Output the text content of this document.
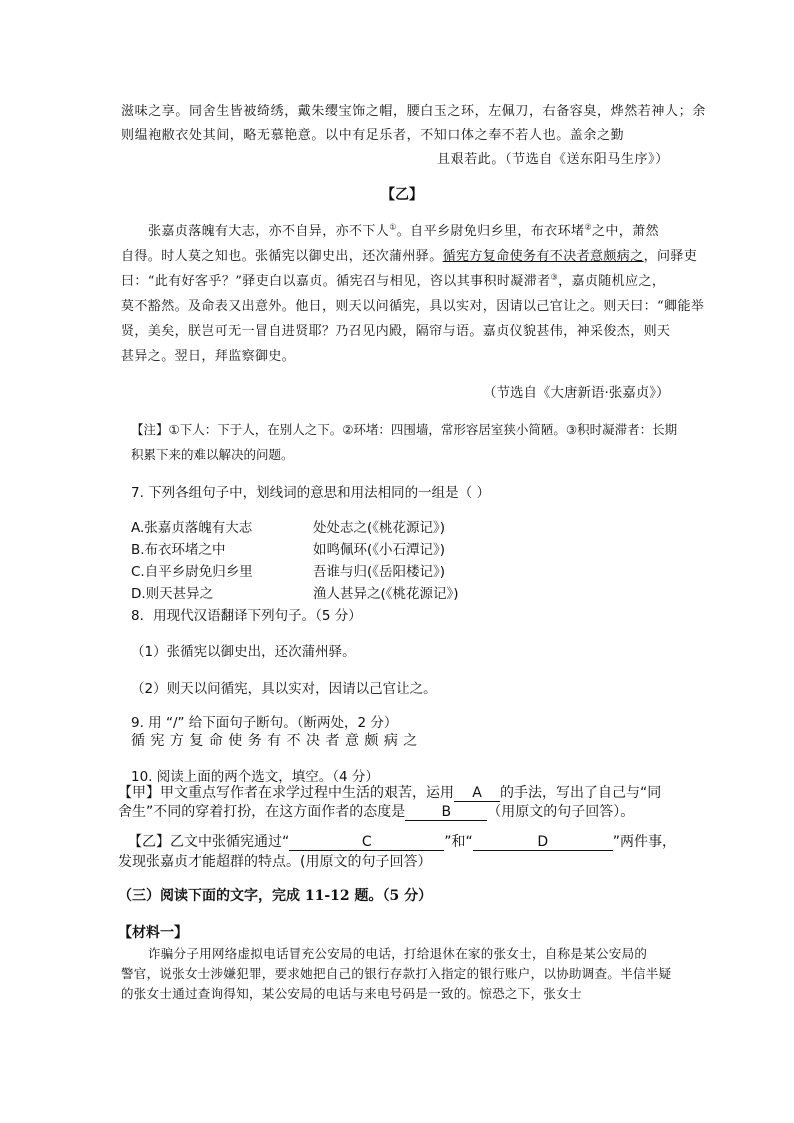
滋味之享。同舍生皆被绮绣，戴朱缨宝饰之帽，腰白玉之环，左佩刀，右备容臭，烨然若神人；余
则缊袍敝衣处其间，略无慕艳意。以中有足乐者，不知口体之奉不若人也。盖余之勤
且艰若此。（节选自《送东阳马生序》）
【乙】
张嘉贞落魄有大志，亦不自异，亦不下人①。自平乡尉免归乡里，布衣环堵②之中，萧然
自得。时人莫之知也。张循宪以御史出，还次蒲州驿。循宪方复命使务有不决者意颇病之，问驿吏
曰：“此有好客乎？”驿吏白以嘉贞。循宪召与相见，咨以其事积时凝滞者③，嘉贞随机应之，
莫不豁然。及命表又出意外。他日，则天以问循宪，具以实对，因请以己官让之。则天曰：“卿能举
贤，美矣，朕岂可无一冒自进贤耶？乃召见内殿，隔帘与语。嘉贞仪貌甚伟，神采俊杰，则天
甚异之。翌日，拜监察御史。
（节选自《大唐新语·张嘉贞》）
【注】①下人：下于人，在别人之下。②环堵：四围墙，常形容居室狭小简陋。③积时凝滞者：长期
积累下来的难以解决的问题。
7. 下列各组句子中，划线词的意思和用法相同的一组是（ ）
A.张嘉贞落魄有大志	处处志之(《桃花源记》)
B.布衣环堵之中	如鸣佩环(《小石潭记》)
C.自平乡尉免归乡里	吾谁与归(《岳阳楼记》)
D.则天甚异之	渔人甚异之(《桃花源记》)
8．用现代汉语翻译下列句子。（5 分）
（1）张循宪以御史出，还次蒲州驿。
（2）则天以问循宪，具以实对，因请以己官让之。
9. 用 “/” 给下面句子断句。（断两处，2 分）
循 宪 方 复 命 使 务 有 不 决 者 意 颇 病 之
10. 阅读上面的两个选文，填空。（4 分）
【甲】甲文重点写作者在求学过程中生活的艰苦，运用 A 的手法，写出了自己与“同
舍生”不同的穿着打扮，在这方面作者的态度是	B	（用原文的句子回答）。
【乙】乙文中张循宪通过“	C	”和“	D	”两件事，
发现张嘉贞才能超群的特点。(用原文的句子回答）
（三）阅读下面的文字，完成 11-12 题。（5 分）
【材料一】
诈骗分子用网络虚拟电话冒充公安局的电话，打给退休在家的张女士，自称是某公安局的
警官，说张女士涉嫌犯罪，要求她把自己的银行存款打入指定的银行账户，以协助调查。半信半疑
的张女士通过查询得知，某公安局的电话与来电号码是一致的。惊恐之下，张女士
